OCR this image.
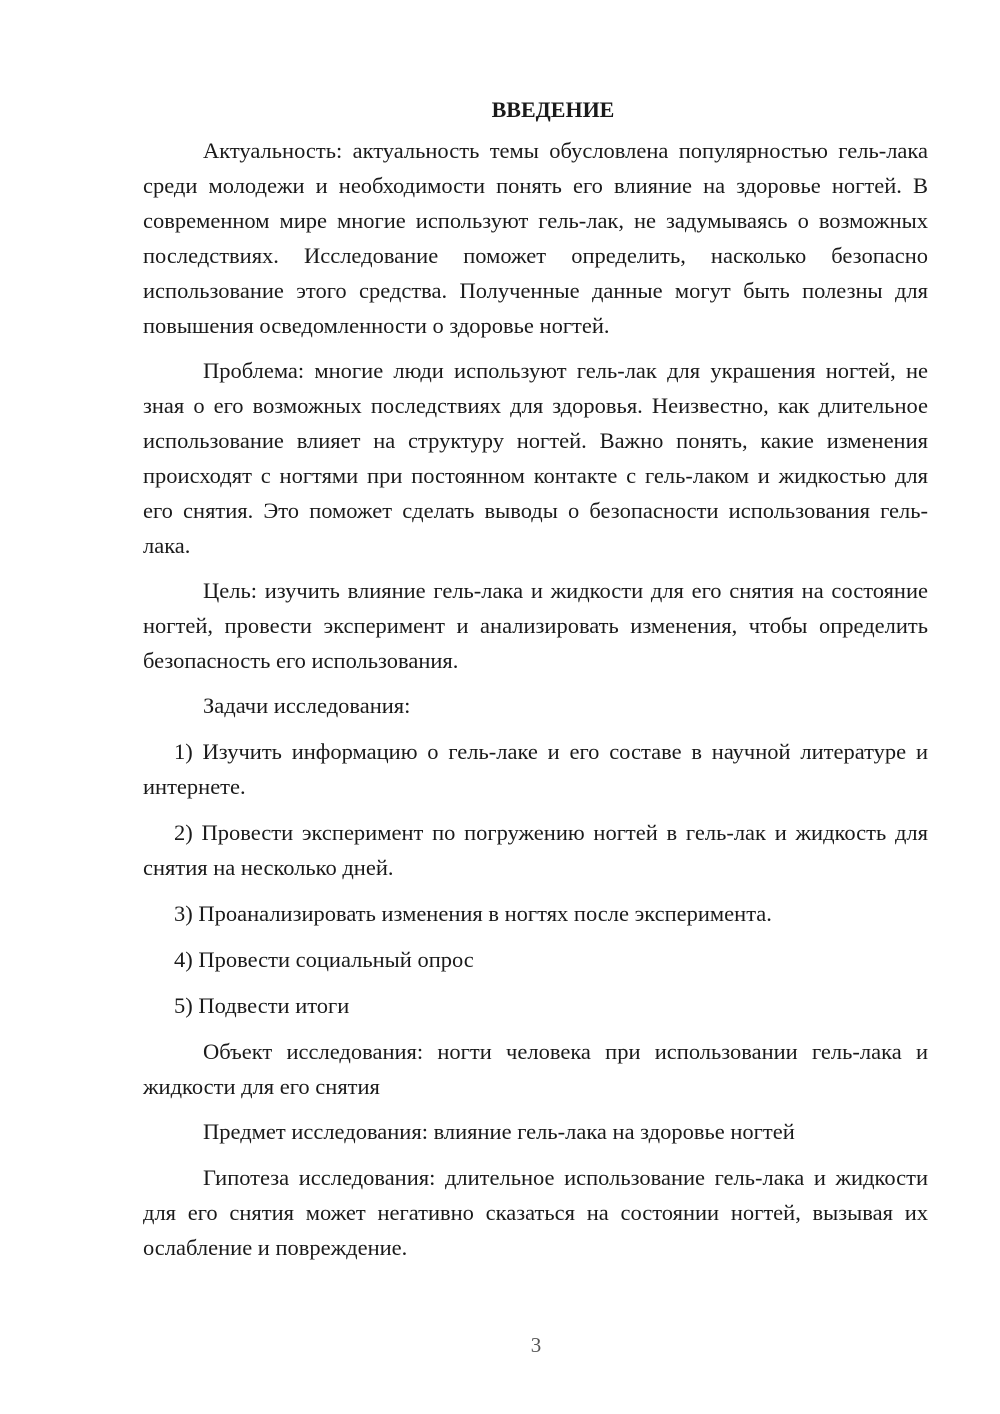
ВВЕДЕНИЕ

Актуальность: актуальность темы обусловлена популярностью гель-лака среди молодежи и необходимости понять его влияние на здоровье ногтей. В современном мире многие используют гель-лак, не задумываясь о возможных последствиях. Исследование поможет определить, насколько безопасно использование этого средства. Полученные данные могут быть полезны для повышения осведомленности о здоровье ногтей.

Проблема: многие люди используют гель-лак для украшения ногтей, не зная о его возможных последствиях для здоровья. Неизвестно, как длительное использование влияет на структуру ногтей. Важно понять, какие изменения происходят с ногтями при постоянном контакте с гель-лаком и жидкостью для его снятия. Это поможет сделать выводы о безопасности использования гель-лака.

Цель: изучить влияние гель-лака и жидкости для его снятия на состояние ногтей, провести эксперимент и анализировать изменения, чтобы определить безопасность его использования.

Задачи исследования:

1) Изучить информацию о гель-лаке и его составе в научной литературе и интернете.

2) Провести эксперимент по погружению ногтей в гель-лак и жидкость для снятия на несколько дней.

3) Проанализировать изменения в ногтях после эксперимента.

4) Провести социальный опрос

5) Подвести итоги

Объект исследования: ногти человека при использовании гель-лака и жидкости для его снятия

Предмет исследования: влияние гель-лака на здоровье ногтей

Гипотеза исследования: длительное использование гель-лака и жидкости для его снятия может негативно сказаться на состоянии ногтей, вызывая их ослабление и повреждение.

3
